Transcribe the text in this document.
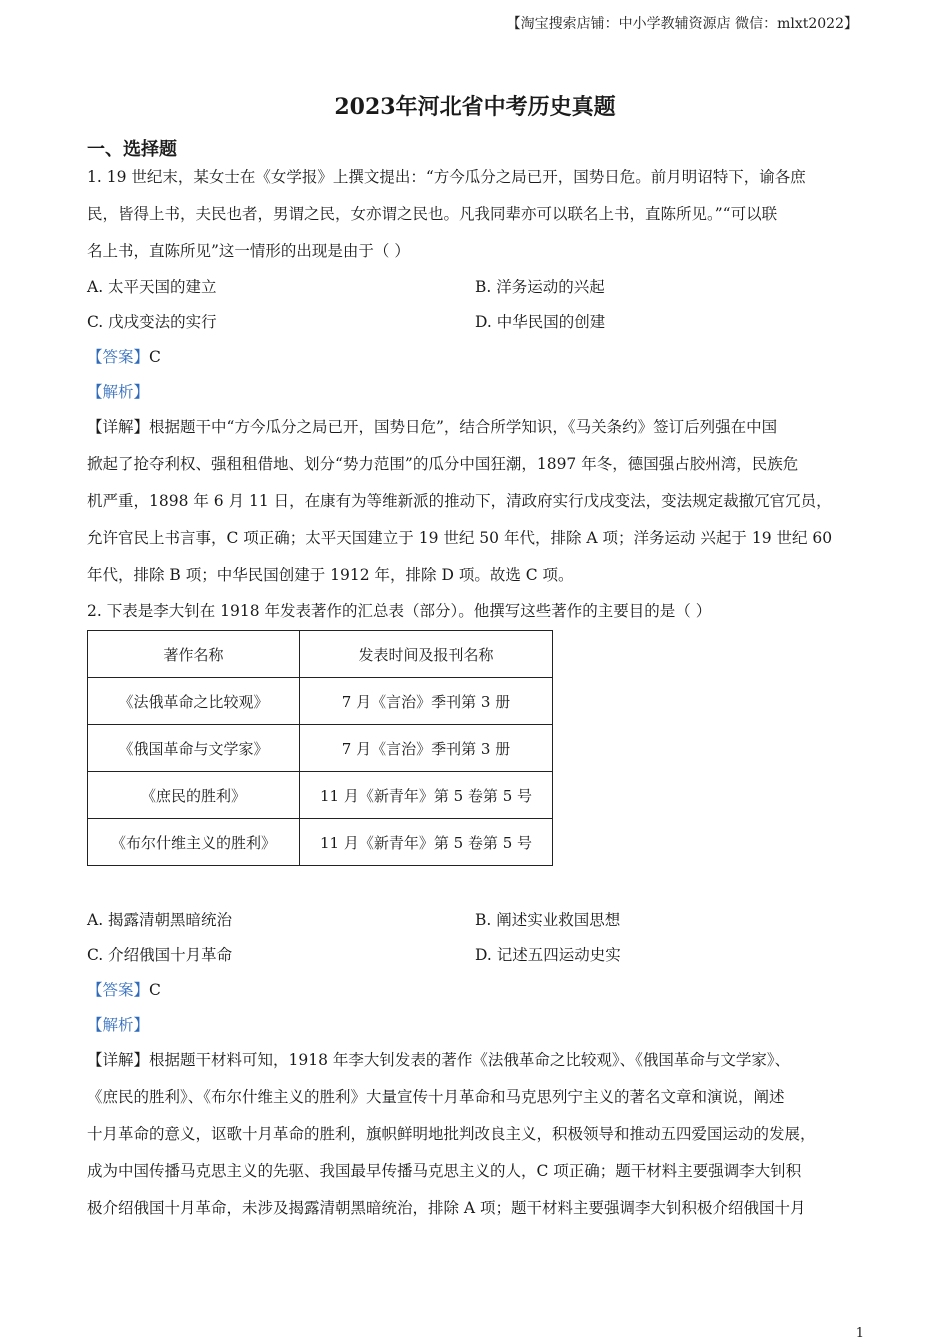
【淘宝搜索店铺：中小学教辅资源店 微信：mlxt2022】
2023年河北省中考历史真题
一、选择题
1. 19 世纪末，某女士在《女学报》上撰文提出：“方今瓜分之局已开，国势日危。前月明诏特下，谕各庶
民，皆得上书，夫民也者，男谓之民，女亦谓之民也。凡我同辈亦可以联名上书，直陈所见。”“可以联
名上书，直陈所见”这一情形的出现是由于（ ）
A. 太平天国的建立	B. 洋务运动的兴起
C. 戊戌变法的实行	D. 中华民国的创建
【答案】C
【解析】
【详解】根据题干中“方今瓜分之局已开，国势日危”，结合所学知识，《马关条约》签订后列强在中国
掀起了抢夺利权、强租租借地、划分“势力范围”的瓜分中国狂潮，1897 年冬，德国强占胶州湾，民族危
机严重，1898 年 6 月 11 日，在康有为等维新派的推动下，清政府实行戊戌变法，变法规定裁撤冗官冗员，
允许官民上书言事，C 项正确；太平天国建立于 19 世纪 50 年代，排除 A 项；洋务运动 兴起于 19 世纪 60
年代，排除 B 项；中华民国创建于 1912 年，排除 D 项。故选 C 项。
2. 下表是李大钊在 1918 年发表著作的汇总表（部分）。他撰写这些著作的主要目的是（ ）
著作名称	发表时间及报刊名称
《法俄革命之比较观》	7 月《言治》季刊第 3 册
《俄国革命与文学家》	7 月《言治》季刊第 3 册
《庶民的胜利》	11 月《新青年》第 5 卷第 5 号
《布尔什维主义的胜利》	11 月《新青年》第 5 卷第 5 号
A. 揭露清朝黑暗统治	B. 阐述实业救国思想
C. 介绍俄国十月革命	D. 记述五四运动史实
【答案】C
【解析】
【详解】根据题干材料可知，1918 年李大钊发表的著作《法俄革命之比较观》、《俄国革命与文学家》、
《庶民的胜利》、《布尔什维主义的胜利》大量宣传十月革命和马克思列宁主义的著名文章和演说，阐述
十月革命的意义，讴歌十月革命的胜利，旗帜鲜明地批判改良主义，积极领导和推动五四爱国运动的发展，
成为中国传播马克思主义的先驱、我国最早传播马克思主义的人，C 项正确；题干材料主要强调李大钊积
极介绍俄国十月革命，未涉及揭露清朝黑暗统治，排除 A 项；题干材料主要强调李大钊积极介绍俄国十月
1
